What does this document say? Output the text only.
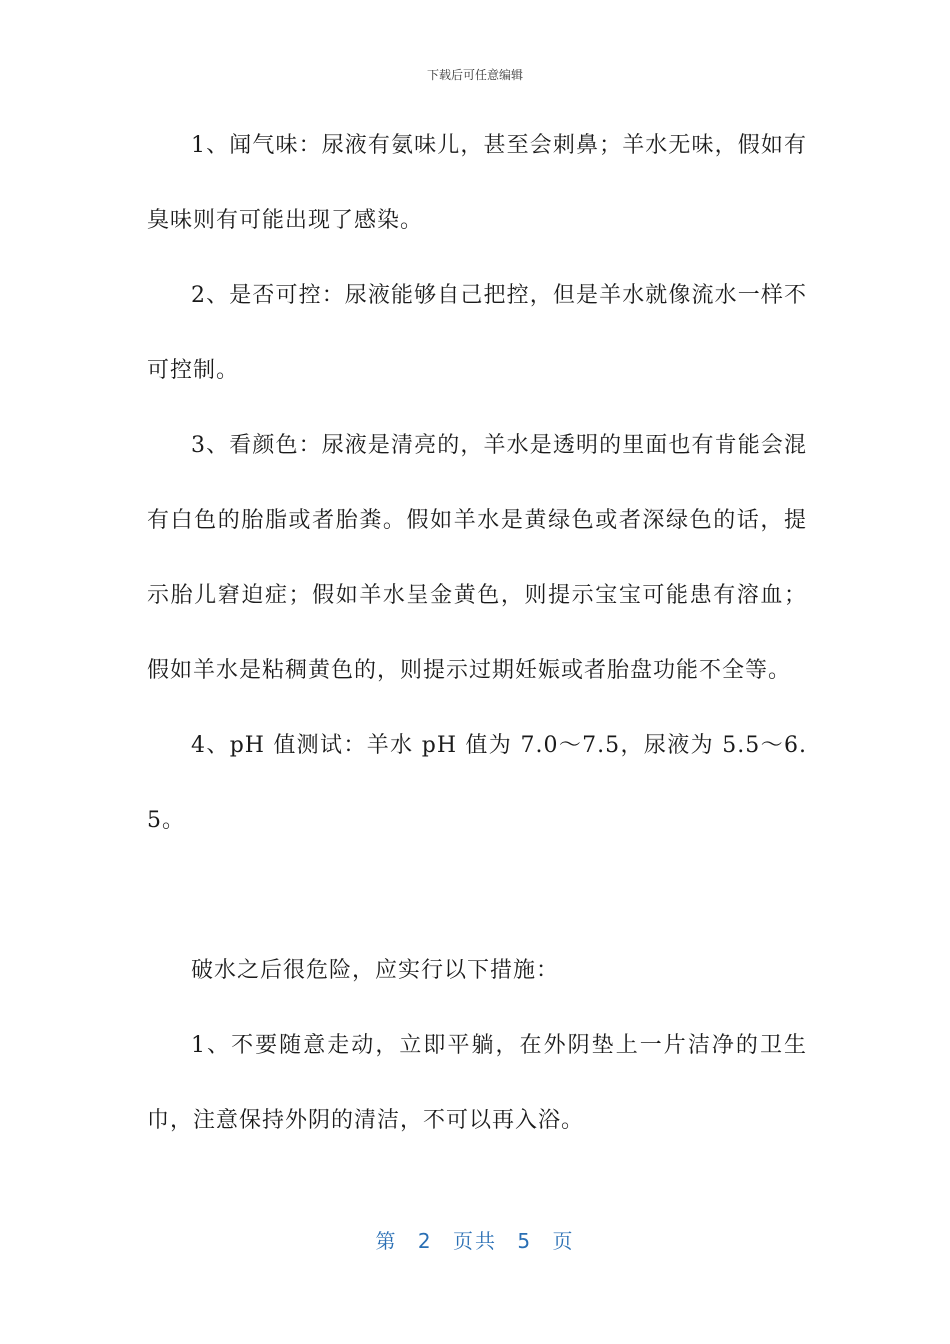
下载后可任意编辑

1、闻气味：尿液有氨味儿，甚至会刺鼻；羊水无味，假如有臭味则有可能出现了感染。

2、是否可控：尿液能够自己把控，但是羊水就像流水一样不可控制。

3、看颜色：尿液是清亮的，羊水是透明的里面也有肯能会混有白色的胎脂或者胎粪。假如羊水是黄绿色或者深绿色的话，提示胎儿窘迫症；假如羊水呈金黄色，则提示宝宝可能患有溶血；假如羊水是粘稠黄色的，则提示过期妊娠或者胎盘功能不全等。

4、pH 值测试：羊水 pH 值为 7.0～7.5，尿液为 5.5～6.5。

破水之后很危险，应实行以下措施：

1、不要随意走动，立即平躺，在外阴垫上一片洁净的卫生巾，注意保持外阴的清洁，不可以再入浴。

第 2 页共 5 页
